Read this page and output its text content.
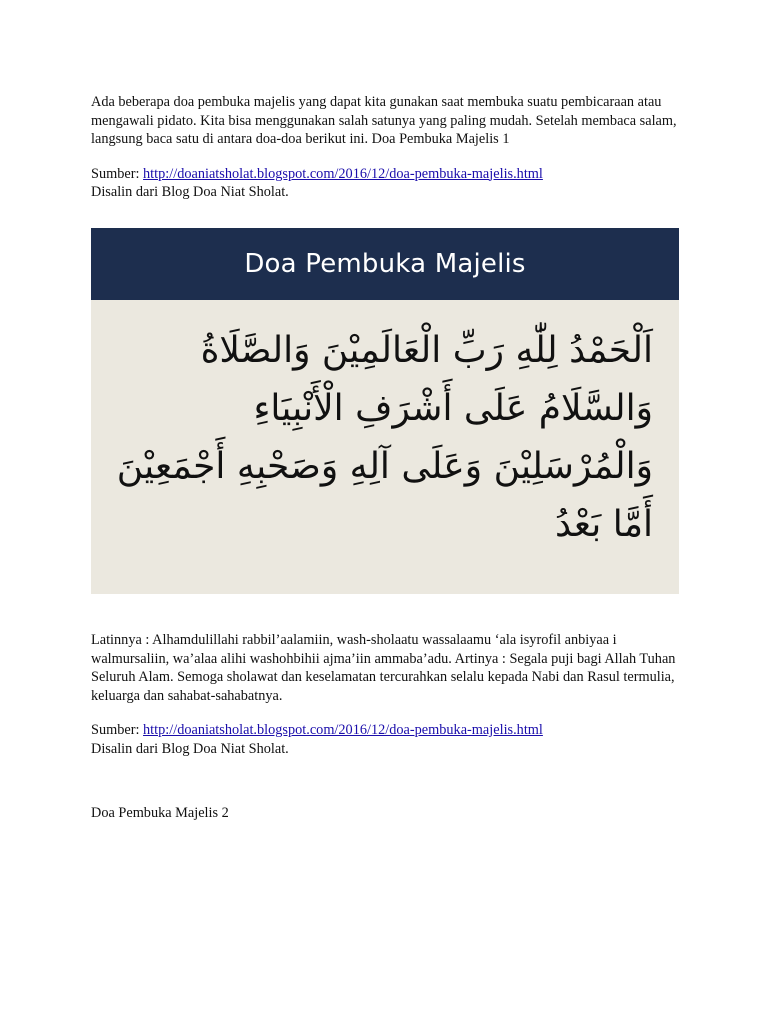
Ada beberapa doa pembuka majelis yang dapat kita gunakan saat membuka suatu pembicaraan atau mengawali pidato. Kita bisa menggunakan salah satunya yang paling mudah. Setelah membaca salam, langsung baca satu di antara doa-doa berikut ini. Doa Pembuka Majelis 1

Sumber: http://doaniatsholat.blogspot.com/2016/12/doa-pembuka-majelis.html

Disalin dari Blog Doa Niat Sholat.

Doa Pembuka Majelis
اَلْحَمْدُ لِلّٰهِ رَبِّ الْعَالَمِيْنَ وَالصَّلَاةُ
وَالسَّلَامُ عَلَى أَشْرَفِ الْأَنْبِيَاءِ
وَالْمُرْسَلِيْنَ وَعَلَى آلِهِ وَصَحْبِهِ أَجْمَعِيْنَ
أَمَّا بَعْدُ

Latinnya : Alhamdulillahi rabbil’aalamiin, wash-sholaatu wassalaamu ‘ala isyrofil anbiyaa i walmursaliin, wa’alaa alihi washohbihii ajma’iin ammaba’adu. Artinya : Segala puji bagi Allah Tuhan Seluruh Alam. Semoga sholawat dan keselamatan tercurahkan selalu kepada Nabi dan Rasul termulia, keluarga dan sahabat-sahabatnya.

Sumber: http://doaniatsholat.blogspot.com/2016/12/doa-pembuka-majelis.html

Disalin dari Blog Doa Niat Sholat.

Doa Pembuka Majelis 2
